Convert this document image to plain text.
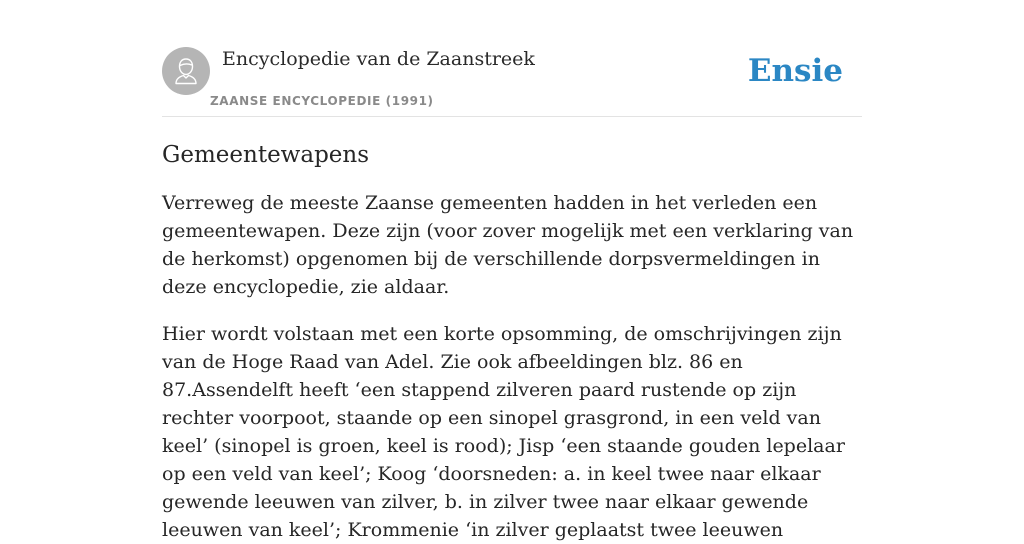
Encyclopedie van de Zaanstreek
ZAANSE ENCYCLOPEDIE (1991)
Ensie
Gemeentewapens

Verreweg de meeste Zaanse gemeenten hadden in het verleden een gemeentewapen. Deze zijn (voor zover mogelijk met een verklaring van de herkomst) opgenomen bij de verschillende dorpsvermeldingen in deze encyclopedie, zie aldaar.

Hier wordt volstaan met een korte opsomming, de omschrijvingen zijn van de Hoge Raad van Adel. Zie ook afbeeldingen blz. 86 en 87.Assendelft heeft ‘een stappend zilveren paard rustende op zijn rechter voorpoot, staande op een sinopel grasgrond, in een veld van keel’ (sinopel is groen, keel is rood); Jisp ‘een staande gouden lepelaar op een veld van keel’; Koog ‘doorsneden: a. in keel twee naar elkaar gewende leeuwen van zilver, b. in zilver twee naar elkaar gewende leeuwen van keel’; Krommenie ‘in zilver geplaatst twee leeuwen
